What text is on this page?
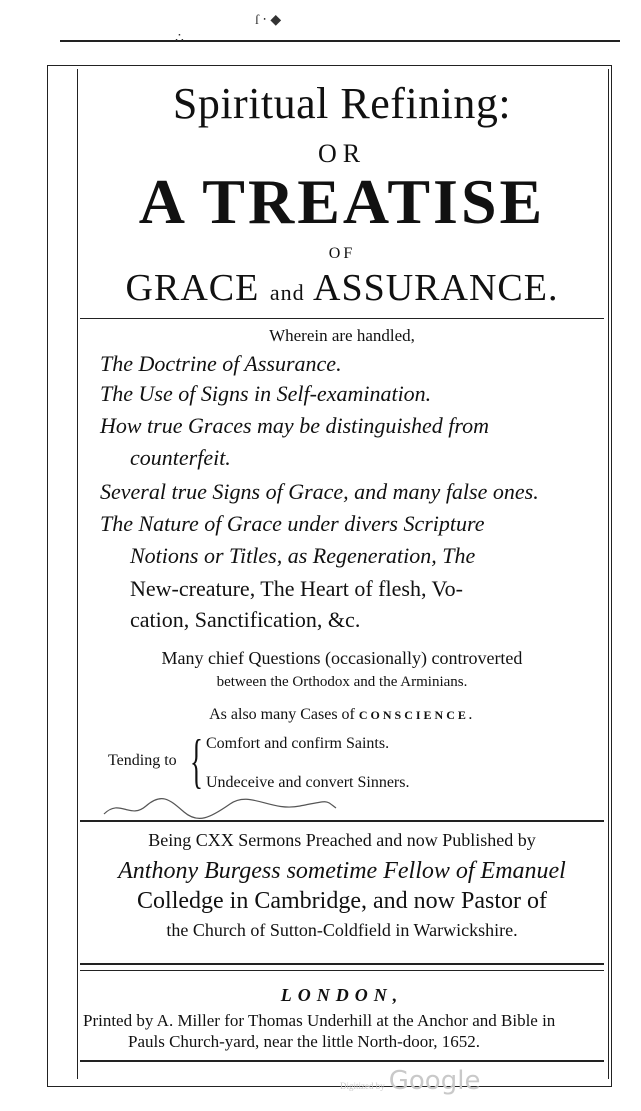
ſ ‧ ◆
∴
Spiritual Refining:
OR
A TREATISE
OF
GRACE and ASSURANCE.
Wherein are handled,
The Doctrine of Assurance.
The Use of Signs in Self-examination.
How true Graces may be distinguished from
counterfeit.
Several true Signs of Grace, and many false ones.
The Nature of Grace under divers Scripture
Notions or Titles, as Regeneration, The
New-creature, The Heart of flesh, Vo-
cation, Sanctification, &c.
Many chief Questions (occasionally) controverted
between the Orthodox and the Arminians.
As also many Cases of CONSCIENCE.
Tending to { Comfort and confirm Saints.
Undeceive and convert Sinners.
Being CXX Sermons Preached and now Published by
Anthony Burgess sometime Fellow of Emanuel
Colledge in Cambridge, and now Pastor of
the Church of Sutton-Coldfield in Warwickshire.
LONDON,
Printed by A. Miller for Thomas Underhill at the Anchor and Bible in
Pauls Church-yard, near the little North-door, 1652.
Digitized by Google
